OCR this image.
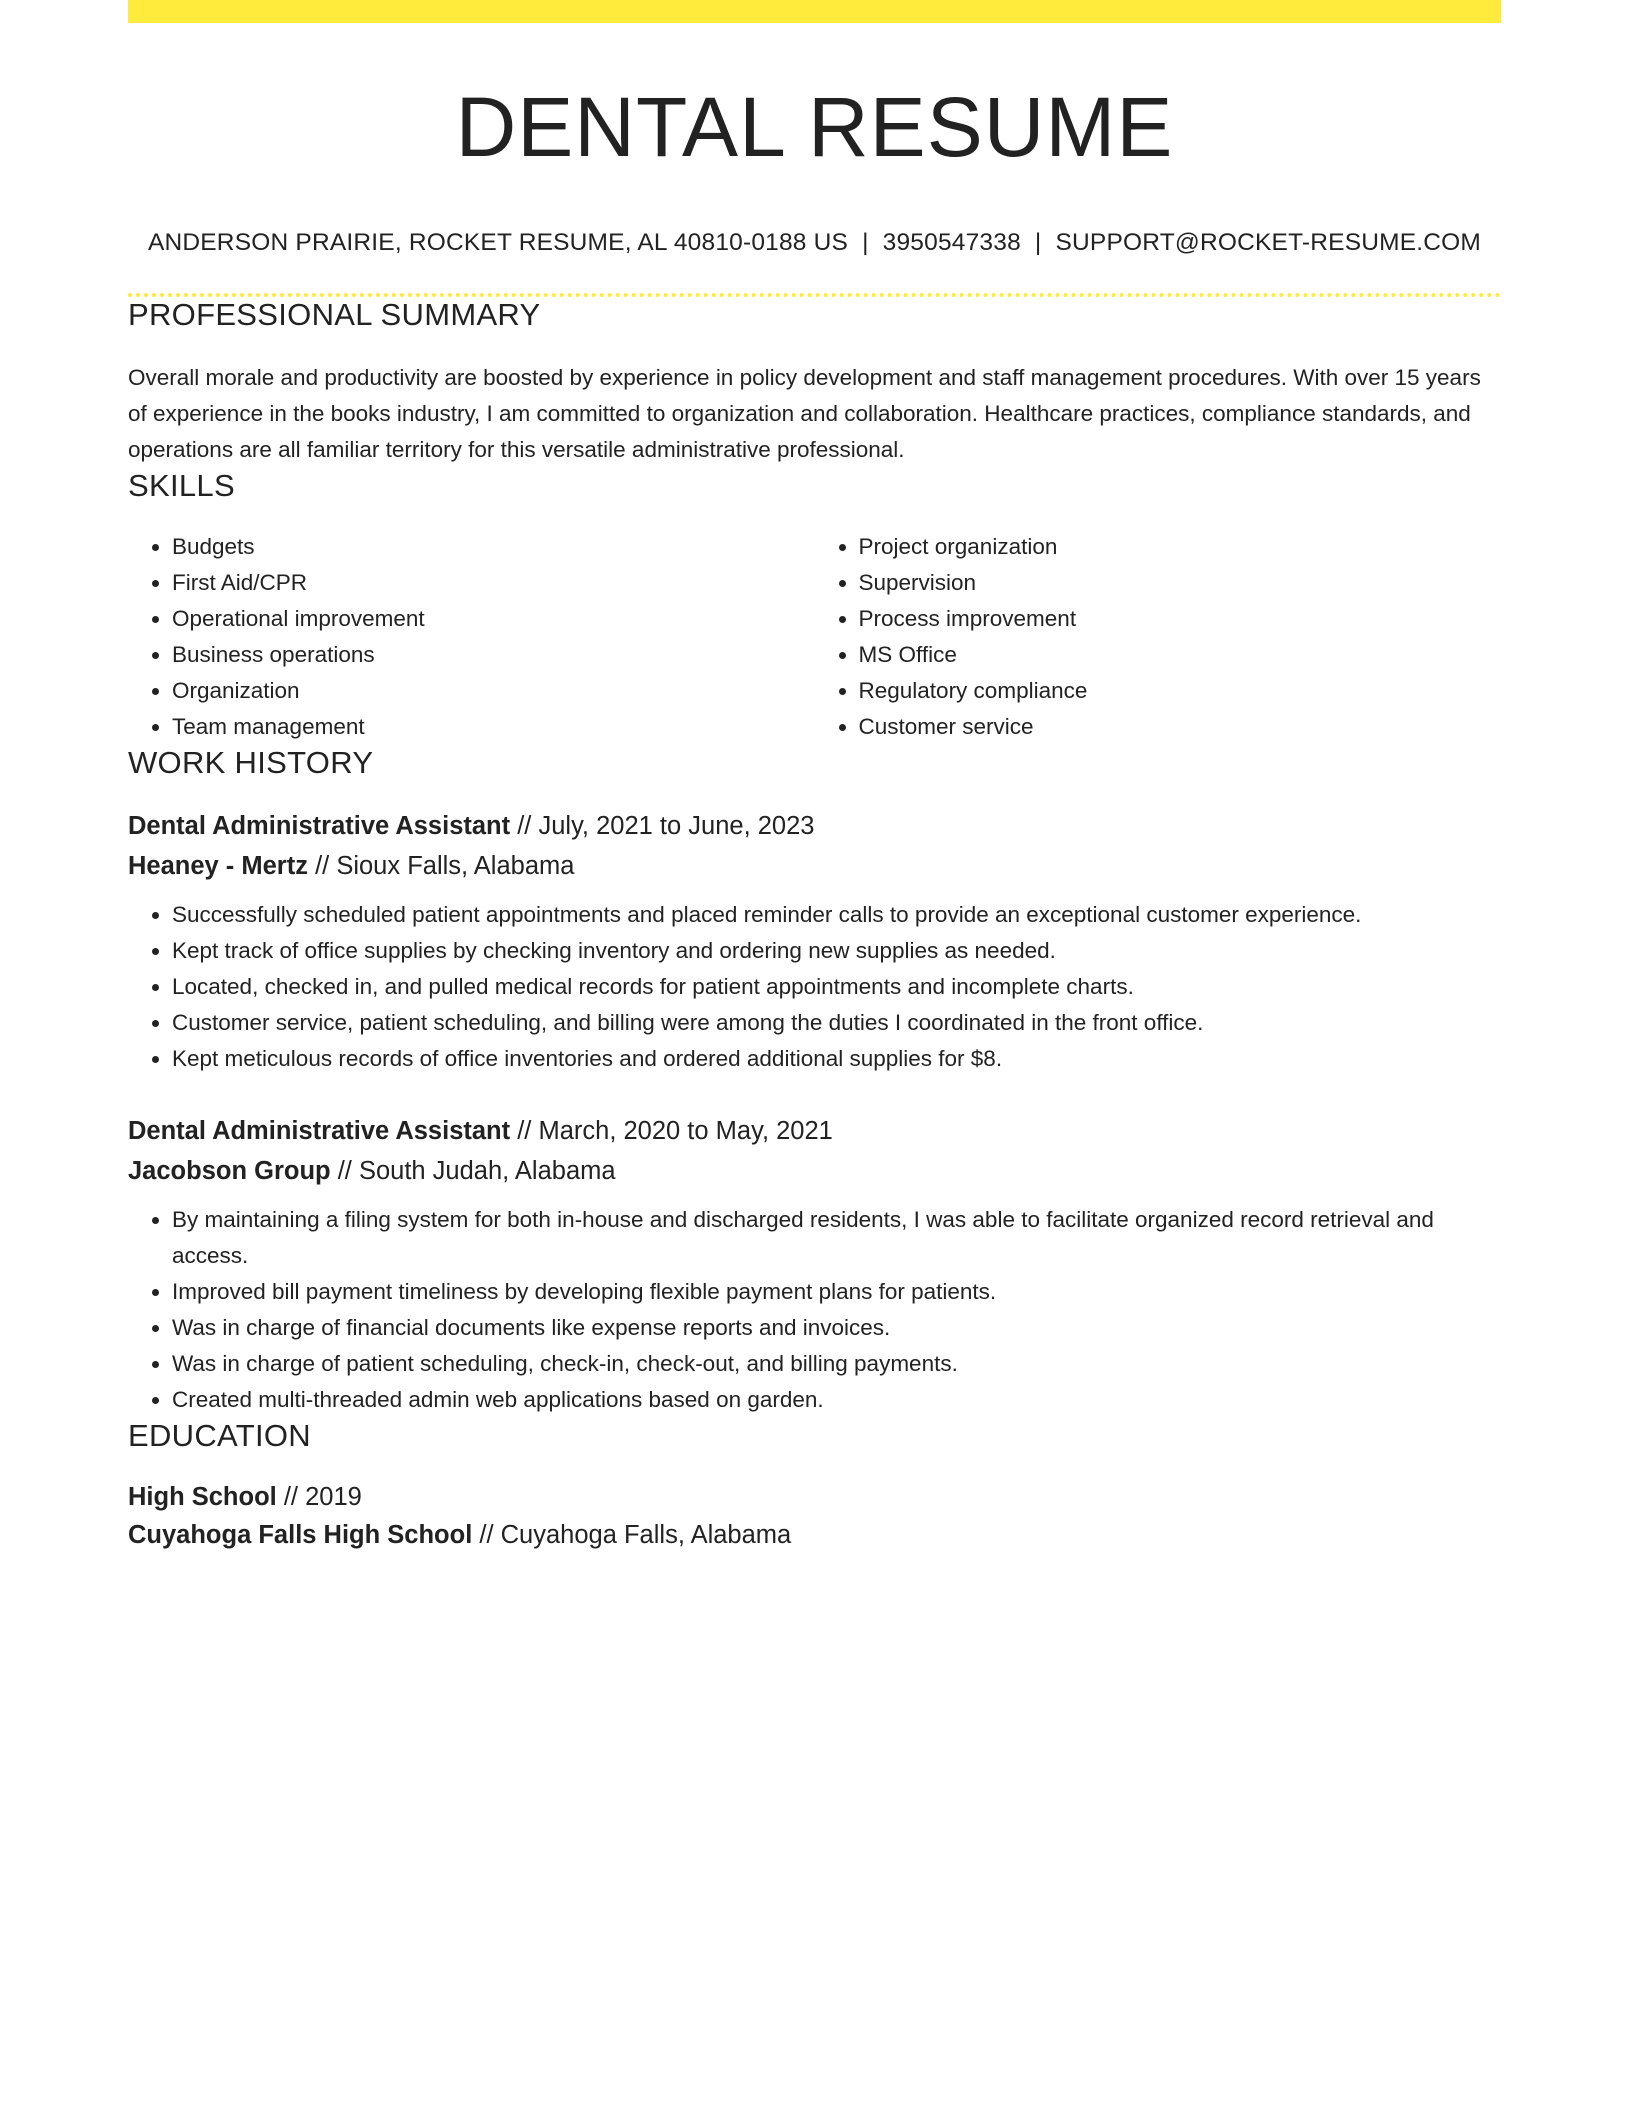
DENTAL RESUME
ANDERSON PRAIRIE, ROCKET RESUME, AL 40810-0188 US | 3950547338 | SUPPORT@ROCKET-RESUME.COM
PROFESSIONAL SUMMARY

Overall morale and productivity are boosted by experience in policy development and staff management procedures. With over 15 years of experience in the books industry, I am committed to organization and collaboration. Healthcare practices, compliance standards, and operations are all familiar territory for this versatile administrative professional.

SKILLS
• Budgets
• First Aid/CPR
• Operational improvement
• Business operations
• Organization
• Team management
• Project organization
• Supervision
• Process improvement
• MS Office
• Regulatory compliance
• Customer service
WORK HISTORY
Dental Administrative Assistant // July, 2021 to June, 2023
Heaney - Mertz // Sioux Falls, Alabama
• Successfully scheduled patient appointments and placed reminder calls to provide an exceptional customer experience.
• Kept track of office supplies by checking inventory and ordering new supplies as needed.
• Located, checked in, and pulled medical records for patient appointments and incomplete charts.
• Customer service, patient scheduling, and billing were among the duties I coordinated in the front office.
• Kept meticulous records of office inventories and ordered additional supplies for $8.
Dental Administrative Assistant // March, 2020 to May, 2021
Jacobson Group // South Judah, Alabama
• By maintaining a filing system for both in-house and discharged residents, I was able to facilitate organized record retrieval and access.
• Improved bill payment timeliness by developing flexible payment plans for patients.
• Was in charge of financial documents like expense reports and invoices.
• Was in charge of patient scheduling, check-in, check-out, and billing payments.
• Created multi-threaded admin web applications based on garden.
EDUCATION
High School // 2019
Cuyahoga Falls High School // Cuyahoga Falls, Alabama
